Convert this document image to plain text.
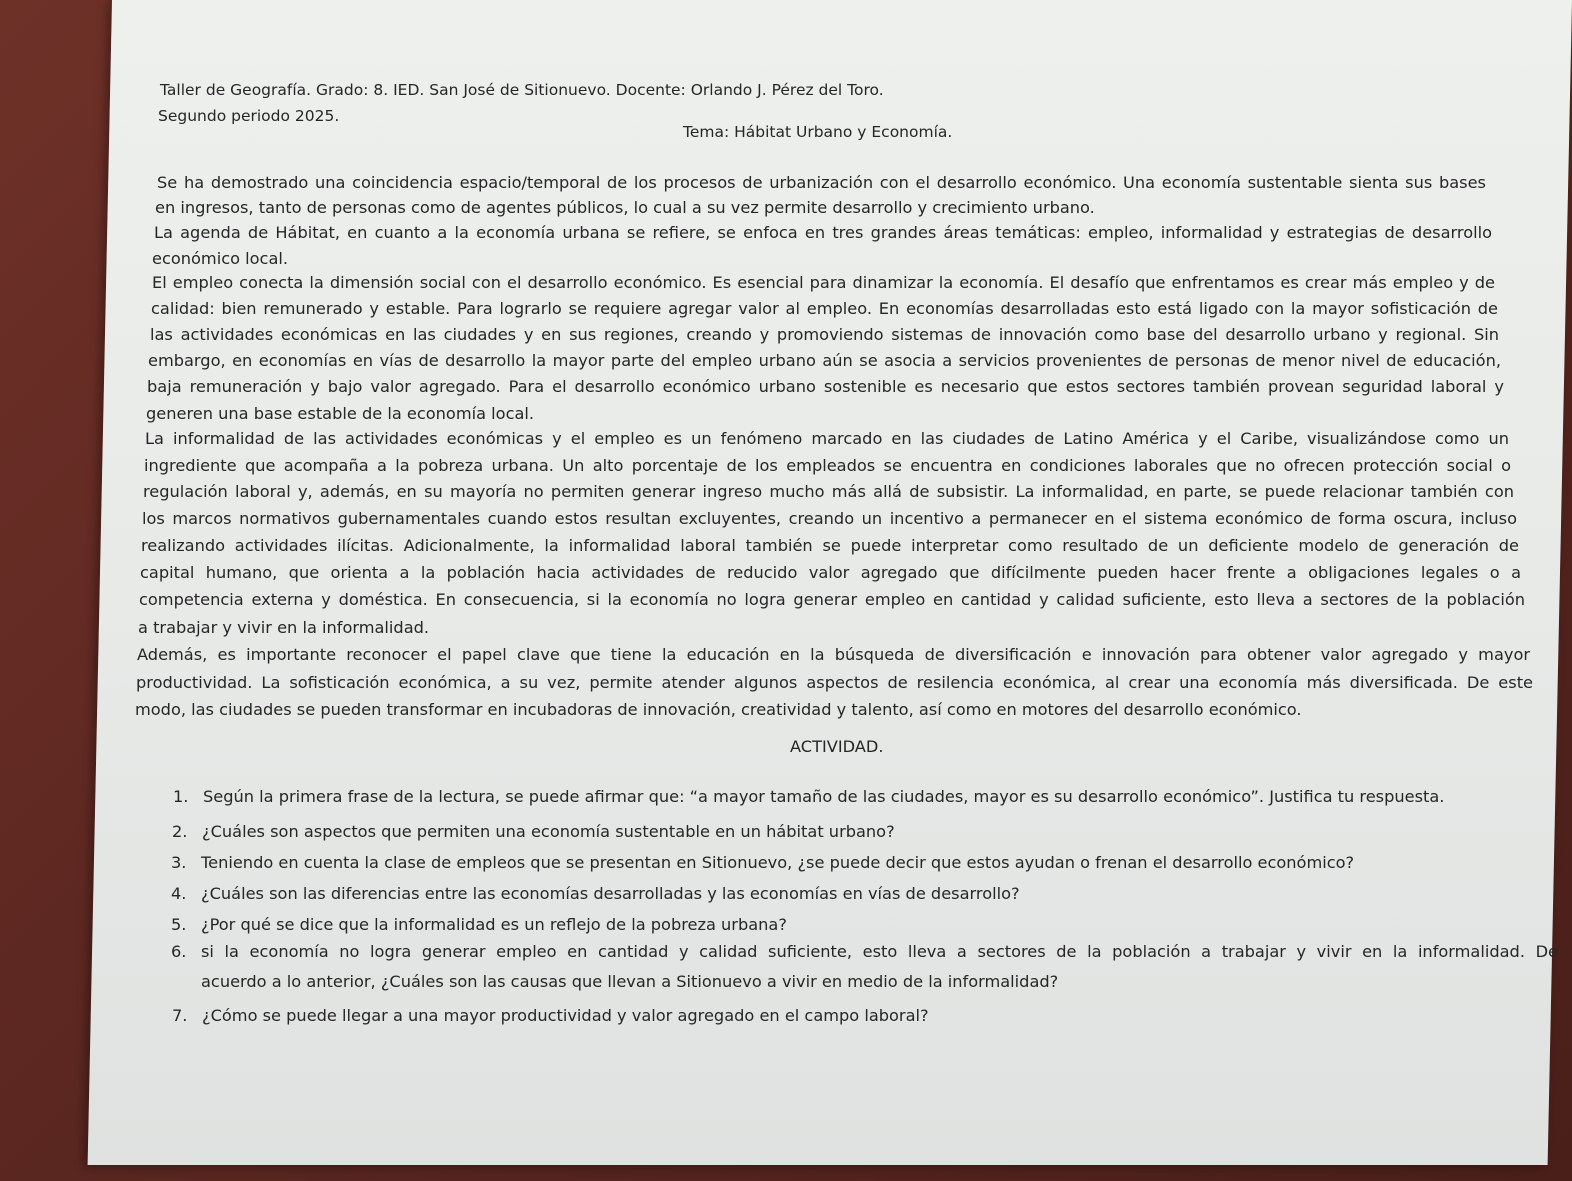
Taller de Geografía. Grado: 8. IED. San José de Sitionuevo. Docente: Orlando J. Pérez del Toro.
Segundo periodo 2025.
Tema: Hábitat Urbano y Economía.
Se ha demostrado una coincidencia espacio/temporal de los procesos de urbanización con el desarrollo económico. Una economía sustentable sienta sus bases
en ingresos, tanto de personas como de agentes públicos, lo cual a su vez permite desarrollo y crecimiento urbano.
La agenda de Hábitat, en cuanto a la economía urbana se refiere, se enfoca en tres grandes áreas temáticas: empleo, informalidad y estrategias de desarrollo
económico local.
El empleo conecta la dimensión social con el desarrollo económico. Es esencial para dinamizar la economía. El desafío que enfrentamos es crear más empleo y de
calidad: bien remunerado y estable. Para lograrlo se requiere agregar valor al empleo. En economías desarrolladas esto está ligado con la mayor sofisticación de
las actividades económicas en las ciudades y en sus regiones, creando y promoviendo sistemas de innovación como base del desarrollo urbano y regional. Sin
embargo, en economías en vías de desarrollo la mayor parte del empleo urbano aún se asocia a servicios provenientes de personas de menor nivel de educación,
baja remuneración y bajo valor agregado. Para el desarrollo económico urbano sostenible es necesario que estos sectores también provean seguridad laboral y
generen una base estable de la economía local.
La informalidad de las actividades económicas y el empleo es un fenómeno marcado en las ciudades de Latino América y el Caribe, visualizándose como un
ingrediente que acompaña a la pobreza urbana. Un alto porcentaje de los empleados se encuentra en condiciones laborales que no ofrecen protección social o
regulación laboral y, además, en su mayoría no permiten generar ingreso mucho más allá de subsistir. La informalidad, en parte, se puede relacionar también con
los marcos normativos gubernamentales cuando estos resultan excluyentes, creando un incentivo a permanecer en el sistema económico de forma oscura, incluso
realizando actividades ilícitas. Adicionalmente, la informalidad laboral también se puede interpretar como resultado de un deficiente modelo de generación de
capital humano, que orienta a la población hacia actividades de reducido valor agregado que difícilmente pueden hacer frente a obligaciones legales o a
competencia externa y doméstica. En consecuencia, si la economía no logra generar empleo en cantidad y calidad suficiente, esto lleva a sectores de la población
a trabajar y vivir en la informalidad.
Además, es importante reconocer el papel clave que tiene la educación en la búsqueda de diversificación e innovación para obtener valor agregado y mayor
productividad. La sofisticación económica, a su vez, permite atender algunos aspectos de resilencia económica, al crear una economía más diversificada. De este
modo, las ciudades se pueden transformar en incubadoras de innovación, creatividad y talento, así como en motores del desarrollo económico.
ACTIVIDAD.
1. Según la primera frase de la lectura, se puede afirmar que: “a mayor tamaño de las ciudades, mayor es su desarrollo económico”. Justifica tu respuesta.
2. ¿Cuáles son aspectos que permiten una economía sustentable en un hábitat urbano?
3. Teniendo en cuenta la clase de empleos que se presentan en Sitionuevo, ¿se puede decir que estos ayudan o frenan el desarrollo económico?
4. ¿Cuáles son las diferencias entre las economías desarrolladas y las economías en vías de desarrollo?
5. ¿Por qué se dice que la informalidad es un reflejo de la pobreza urbana?
6. si la economía no logra generar empleo en cantidad y calidad suficiente, esto lleva a sectores de la población a trabajar y vivir en la informalidad. De
acuerdo a lo anterior, ¿Cuáles son las causas que llevan a Sitionuevo a vivir en medio de la informalidad?
7. ¿Cómo se puede llegar a una mayor productividad y valor agregado en el campo laboral?
